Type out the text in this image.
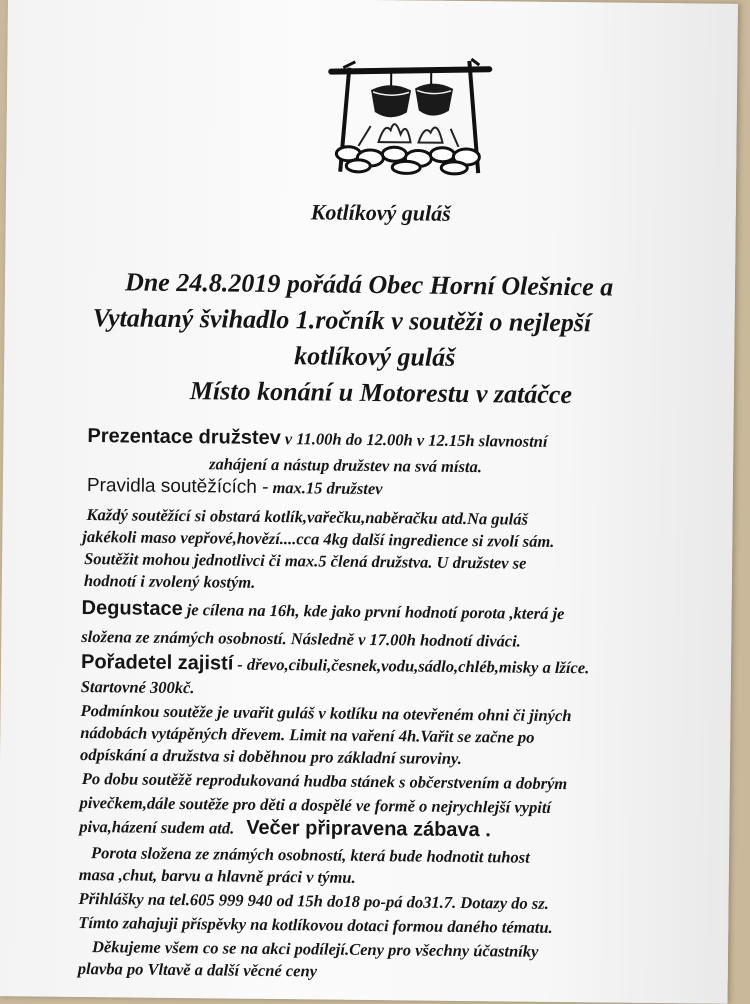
Kotlíkový guláš
Dne 24.8.2019 pořádá Obec Horní Olešnice a
Vytahaný švihadlo 1.ročník v soutěži o nejlepší
kotlíkový guláš
Místo konání u Motorestu v zatáčce
Prezentace družstev v 11.00h do 12.00h v 12.15h slavnostní
zahájení a nástup družstev na svá místa.
Pravidla soutěžících - max.15 družstev
Každý soutěžící si obstará kotlík,vařečku,naběračku atd.Na guláš
jakékoli maso vepřové,hovězí....cca 4kg další ingredience si zvolí sám.
Soutěžit mohou jednotlivci či max.5 člená družstva. U družstev se
hodnotí i zvolený kostým.
Degustace je cílena na 16h, kde jako první hodnotí porota ,která je
složena ze známých osobností. Následně v 17.00h hodnotí diváci.
Pořadetel zajistí - dřevo,cibuli,česnek,vodu,sádlo,chléb,misky a lžíce.
Startovné 300kč.
Podmínkou soutěže je uvařit guláš v kotlíku na otevřeném ohni či jiných
nádobách vytápěných dřevem. Limit na vaření 4h.Vařit se začne po
odpískání a družstva si doběhnou pro základní suroviny.
Po dobu soutěžě reprodukovaná hudba stánek s občerstvením a dobrým
pivečkem,dále soutěže pro děti a dospělé ve formě o nejrychlejší vypití
piva,házení sudem atd. Večer připravena zábava .
Porota složena ze známých osobností, která bude hodnotit tuhost
masa ,chut, barvu a hlavně práci v týmu.
Přihlášky na tel.605 999 940 od 15h do18 po-pá do31.7. Dotazy do sz.
Tímto zahajuji příspěvky na kotlíkovou dotaci formou daného tématu.
Děkujeme všem co se na akci podílejí.Ceny pro všechny účastníky
plavba po Vltavě a další věcné ceny
